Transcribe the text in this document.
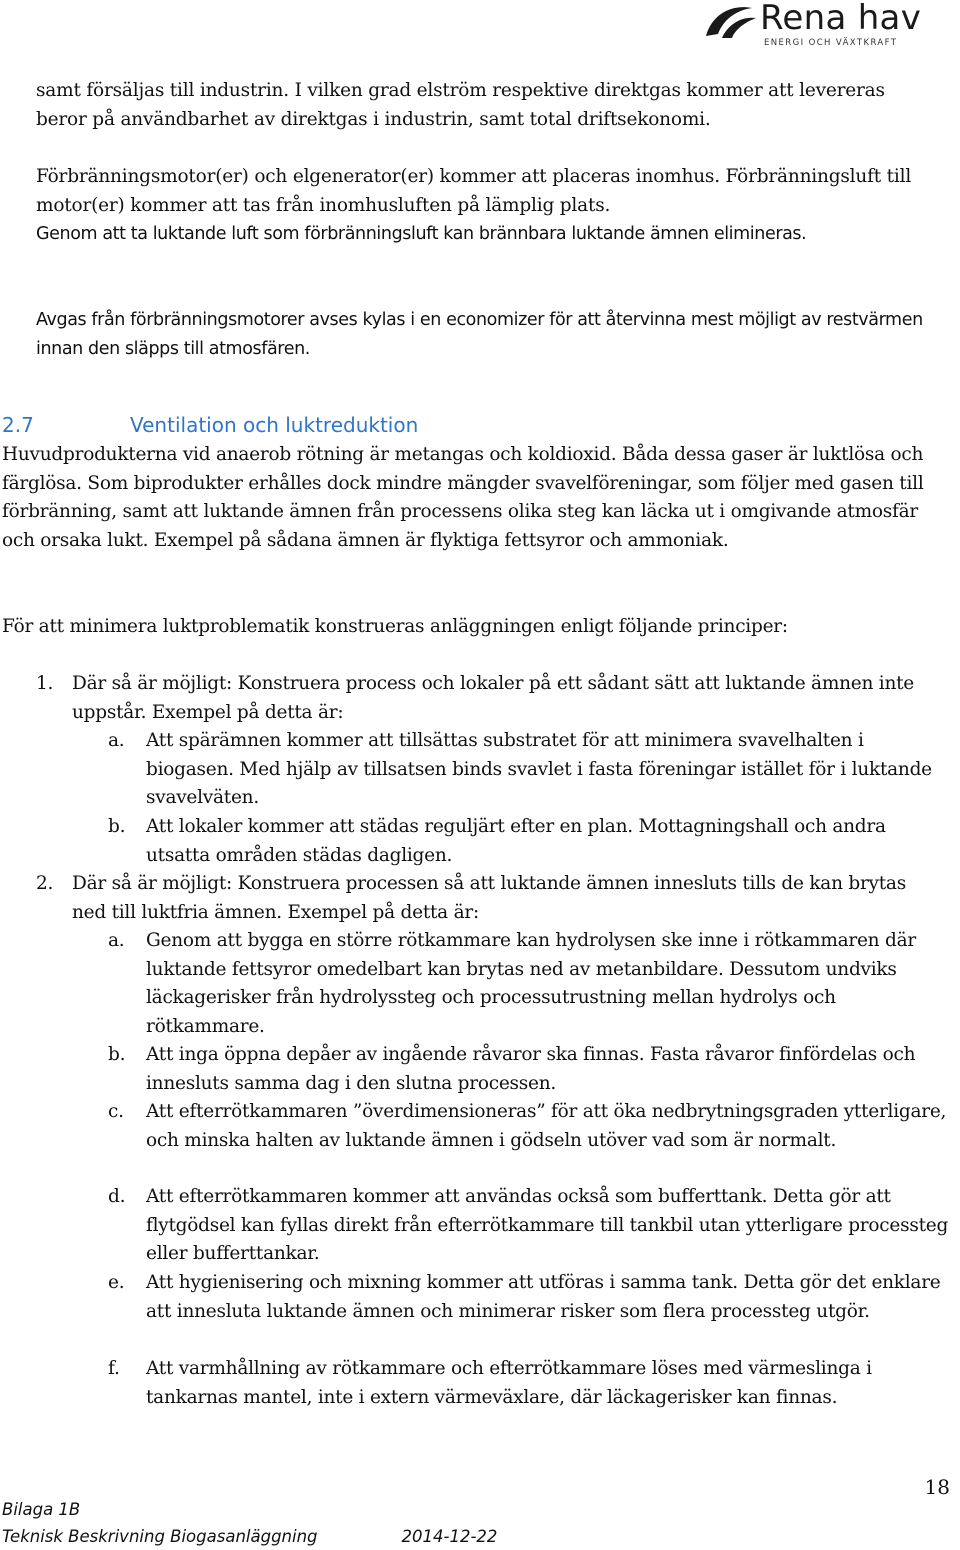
Rena hav
ENERGI OCH VÄXTKRAFT

samt försäljas till industrin. I vilken grad elström respektive direktgas kommer att levereras beror på användbarhet av direktgas i industrin, samt total driftsekonomi.

Förbränningsmotor(er) och elgenerator(er) kommer att placeras inomhus. Förbränningsluft till motor(er) kommer att tas från inomhusluften på lämplig plats.

Genom att ta luktande luft som förbränningsluft kan brännbara luktande ämnen elimineras.

Avgas från förbränningsmotorer avses kylas i en economizer för att återvinna mest möjligt av restvärmen innan den släpps till atmosfären.

2.7	Ventilation och luktreduktion

Huvudprodukterna vid anaerob rötning är metangas och koldioxid. Båda dessa gaser är luktlösa och färglösa. Som biprodukter erhålles dock mindre mängder svavelföreningar, som följer med gasen till förbränning, samt att luktande ämnen från processens olika steg kan läcka ut i omgivande atmosfär och orsaka lukt. Exempel på sådana ämnen är flyktiga fettsyror och ammoniak.

För att minimera luktproblematik konstrueras anläggningen enligt följande principer:

1. Där så är möjligt: Konstruera process och lokaler på ett sådant sätt att luktande ämnen inte uppstår. Exempel på detta är:
a. Att spärämnen kommer att tillsättas substratet för att minimera svavelhalten i biogasen. Med hjälp av tillsatsen binds svavlet i fasta föreningar istället för i luktande svavelväten.
b. Att lokaler kommer att städas reguljärt efter en plan. Mottagningshall och andra utsatta områden städas dagligen.
2. Där så är möjligt: Konstruera processen så att luktande ämnen innesluts tills de kan brytas ned till luktfria ämnen. Exempel på detta är:
a. Genom att bygga en större rötkammare kan hydrolysen ske inne i rötkammaren där luktande fettsyror omedelbart kan brytas ned av metanbildare. Dessutom undviks läckagerisker från hydrolyssteg och processutrustning mellan hydrolys och rötkammare.
b. Att inga öppna depåer av ingående råvaror ska finnas. Fasta råvaror finfördelas och innesluts samma dag i den slutna processen.
c. Att efterrötkammaren ”överdimensioneras” för att öka nedbrytningsgraden ytterligare, och minska halten av luktande ämnen i gödseln utöver vad som är normalt.
d. Att efterrötkammaren kommer att användas också som bufferttank. Detta gör att flytgödsel kan fyllas direkt från efterrötkammare till tankbil utan ytterligare processteg eller bufferttankar.
e. Att hygienisering och mixning kommer att utföras i samma tank. Detta gör det enklare att innesluta luktande ämnen och minimerar risker som flera processteg utgör.
f. Att varmhållning av rötkammare och efterrötkammare löses med värmeslinga i tankarnas mantel, inte i extern värmeväxlare, där läckagerisker kan finnas.
Bilaga 1B
Teknisk Beskrivning Biogasanläggning	2014-12-22
18
